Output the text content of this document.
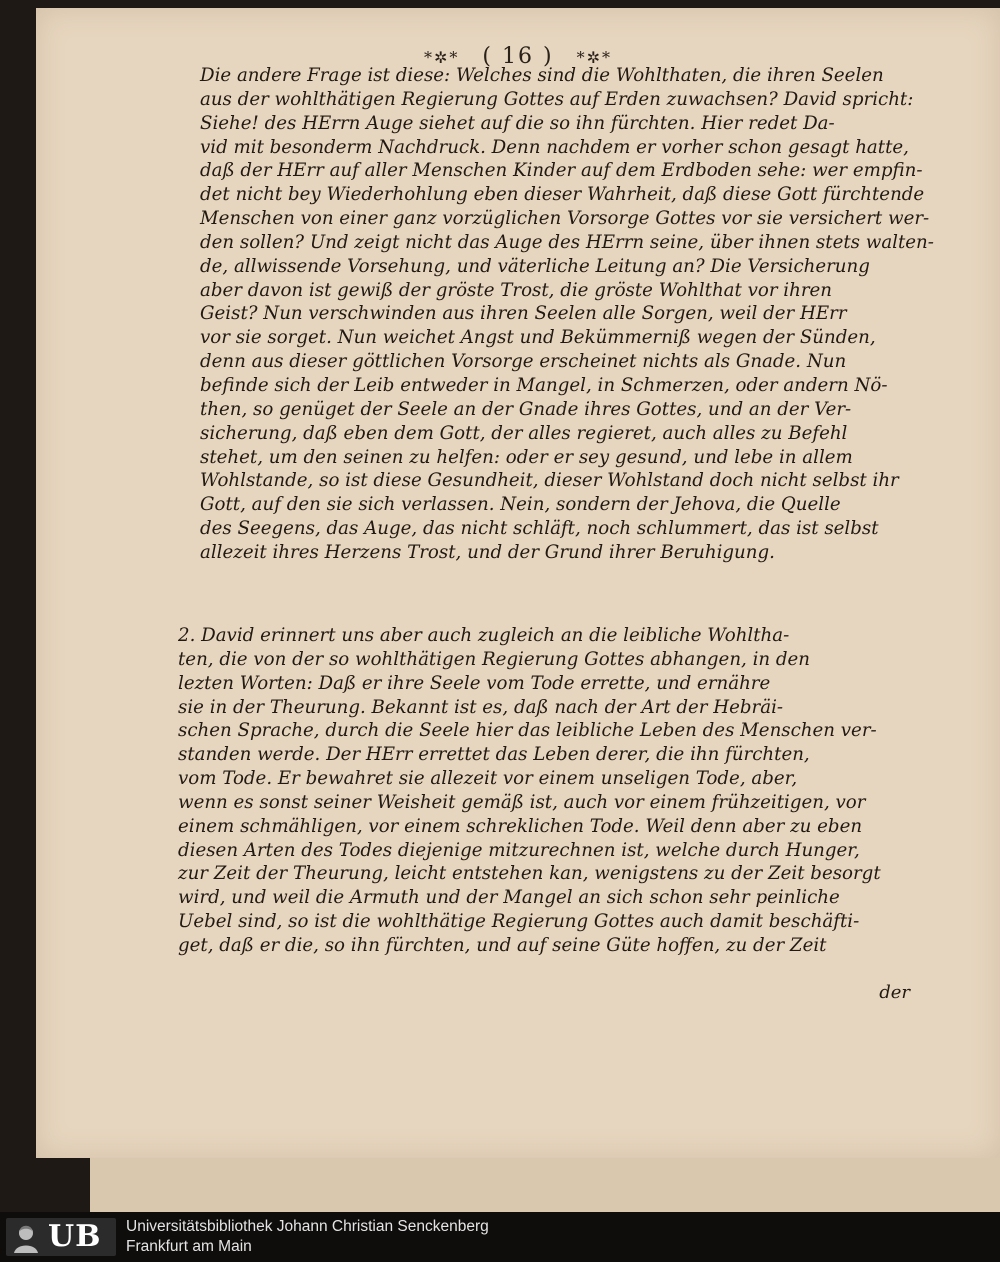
*✲* ( 16 ) *✲*
Die andere Frage ist diese: Welches sind die Wohlthaten, die ihren Seelen
aus der wohlthätigen Regierung Gottes auf Erden zuwachsen? David spricht:
Siehe! des HErrn Auge siehet auf die so ihn fürchten. Hier redet Da-
vid mit besonderm Nachdruck. Denn nachdem er vorher schon gesagt hatte,
daß der HErr auf aller Menschen Kinder auf dem Erdboden sehe: wer empfin-
det nicht bey Wiederhohlung eben dieser Wahrheit, daß diese Gott fürchtende
Menschen von einer ganz vorzüglichen Vorsorge Gottes vor sie versichert wer-
den sollen? Und zeigt nicht das Auge des HErrn seine, über ihnen stets walten-
de, allwissende Vorsehung, und väterliche Leitung an? Die Versicherung
aber davon ist gewiß der gröste Trost, die gröste Wohlthat vor ihren
Geist? Nun verschwinden aus ihren Seelen alle Sorgen, weil der HErr
vor sie sorget. Nun weichet Angst und Bekümmerniß wegen der Sünden,
denn aus dieser göttlichen Vorsorge erscheinet nichts als Gnade. Nun
befinde sich der Leib entweder in Mangel, in Schmerzen, oder andern Nö-
then, so genüget der Seele an der Gnade ihres Gottes, und an der Ver-
sicherung, daß eben dem Gott, der alles regieret, auch alles zu Befehl
stehet, um den seinen zu helfen: oder er sey gesund, und lebe in allem
Wohlstande, so ist diese Gesundheit, dieser Wohlstand doch nicht selbst ihr
Gott, auf den sie sich verlassen. Nein, sondern der Jehova, die Quelle
des Seegens, das Auge, das nicht schläft, noch schlummert, das ist selbst
allezeit ihres Herzens Trost, und der Grund ihrer Beruhigung.
2. David erinnert uns aber auch zugleich an die leibliche Wohltha-
ten, die von der so wohlthätigen Regierung Gottes abhangen, in den
lezten Worten: Daß er ihre Seele vom Tode errette, und ernähre
sie in der Theurung. Bekannt ist es, daß nach der Art der Hebräi-
schen Sprache, durch die Seele hier das leibliche Leben des Menschen ver-
standen werde. Der HErr errettet das Leben derer, die ihn fürchten,
vom Tode. Er bewahret sie allezeit vor einem unseligen Tode, aber,
wenn es sonst seiner Weisheit gemäß ist, auch vor einem frühzeitigen, vor
einem schmähligen, vor einem schreklichen Tode. Weil denn aber zu eben
diesen Arten des Todes diejenige mitzurechnen ist, welche durch Hunger,
zur Zeit der Theurung, leicht entstehen kan, wenigstens zu der Zeit besorgt
wird, und weil die Armuth und der Mangel an sich schon sehr peinliche
Uebel sind, so ist die wohlthätige Regierung Gottes auch damit beschäfti-
get, daß er die, so ihn fürchten, und auf seine Güte hoffen, zu der Zeit
der
UB Universitätsbibliothek Johann Christian Senckenberg
Frankfurt am Main
